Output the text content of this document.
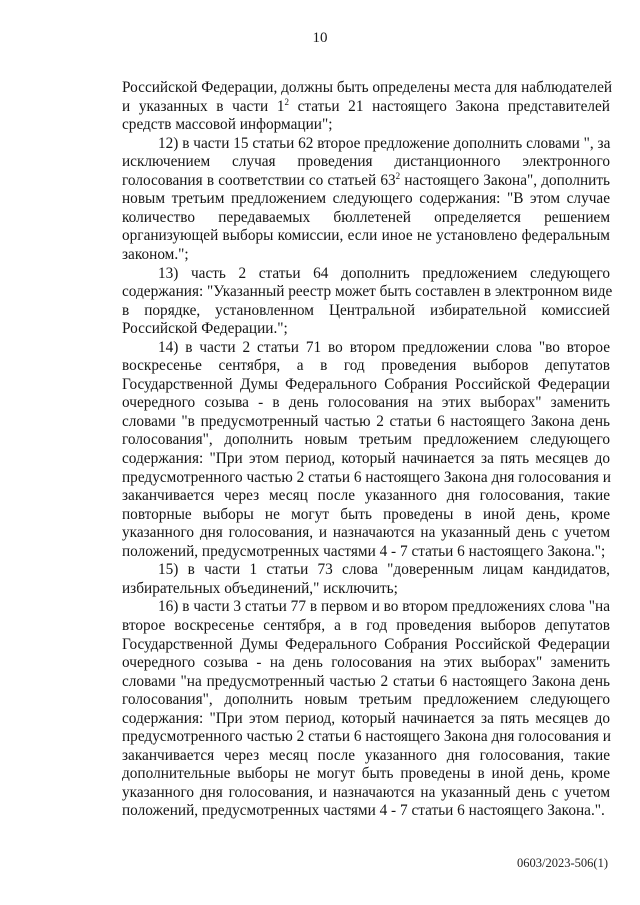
10
Российской Федерации, должны быть определены места для наблюдателей
и указанных в части $1^2$ статьи 21 настоящего Закона представителей
средств массовой информации";
12) в части 15 статьи 62 второе предложение дополнить словами ", за
исключением случая проведения дистанционного электронного
голосования в соответствии со статьей $63^2$ настоящего Закона", дополнить
новым третьим предложением следующего содержания: "В этом случае
количество передаваемых бюллетеней определяется решением
организующей выборы комиссии, если иное не установлено федеральным
законом.";
13) часть 2 статьи 64 дополнить предложением следующего
содержания: "Указанный реестр может быть составлен в электронном виде
в порядке, установленном Центральной избирательной комиссией
Российской Федерации.";
14) в части 2 статьи 71 во втором предложении слова "во второе
воскресенье сентября, а в год проведения выборов депутатов
Государственной Думы Федерального Собрания Российской Федерации
очередного созыва - в день голосования на этих выборах" заменить
словами "в предусмотренный частью 2 статьи 6 настоящего Закона день
голосования", дополнить новым третьим предложением следующего
содержания: "При этом период, который начинается за пять месяцев до
предусмотренного частью 2 статьи 6 настоящего Закона дня голосования и
заканчивается через месяц после указанного дня голосования, такие
повторные выборы не могут быть проведены в иной день, кроме
указанного дня голосования, и назначаются на указанный день с учетом
положений, предусмотренных частями 4 - 7 статьи 6 настоящего Закона.";
15) в части 1 статьи 73 слова "доверенным лицам кандидатов,
избирательных объединений," исключить;
16) в части 3 статьи 77 в первом и во втором предложениях слова "на
второе воскресенье сентября, а в год проведения выборов депутатов
Государственной Думы Федерального Собрания Российской Федерации
очередного созыва - на день голосования на этих выборах" заменить
словами "на предусмотренный частью 2 статьи 6 настоящего Закона день
голосования", дополнить новым третьим предложением следующего
содержания: "При этом период, который начинается за пять месяцев до
предусмотренного частью 2 статьи 6 настоящего Закона дня голосования и
заканчивается через месяц после указанного дня голосования, такие
дополнительные выборы не могут быть проведены в иной день, кроме
указанного дня голосования, и назначаются на указанный день с учетом
положений, предусмотренных частями 4 - 7 статьи 6 настоящего Закона.".
0603/2023-506(1)
